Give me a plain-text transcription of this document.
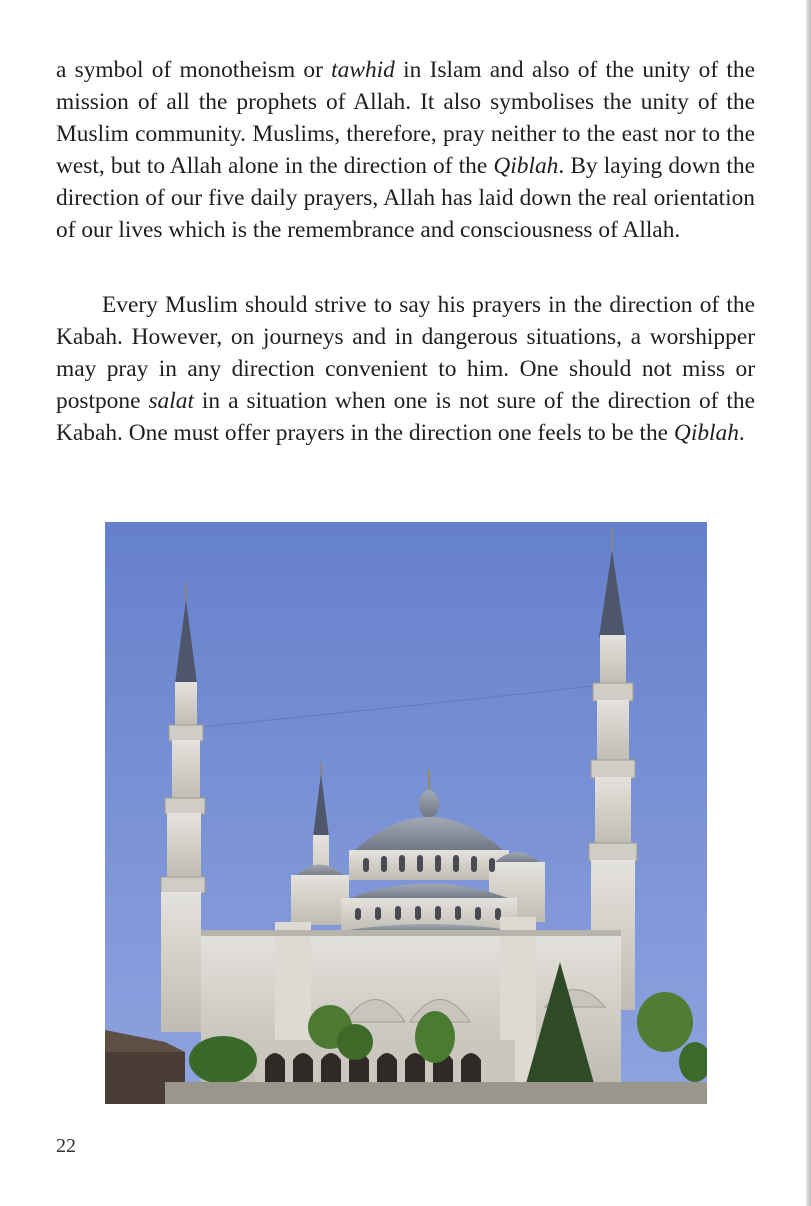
a symbol of monotheism or tawhid in Islam and also of the unity of the mission of all the prophets of Allah. It also symbolises the unity of the Muslim community. Muslims, therefore, pray neither to the east nor to the west, but to Allah alone in the direction of the Qiblah. By laying down the direction of our five daily prayers, Allah has laid down the real orientation of our lives which is the remembrance and consciousness of Allah.

Every Muslim should strive to say his prayers in the direction of the Kabah. However, on journeys and in dangerous situations, a worshipper may pray in any direction convenient to him. One should not miss or postpone salat in a situation when one is not sure of the direction of the Kabah. One must offer prayers in the direction one feels to be the Qiblah.

22
